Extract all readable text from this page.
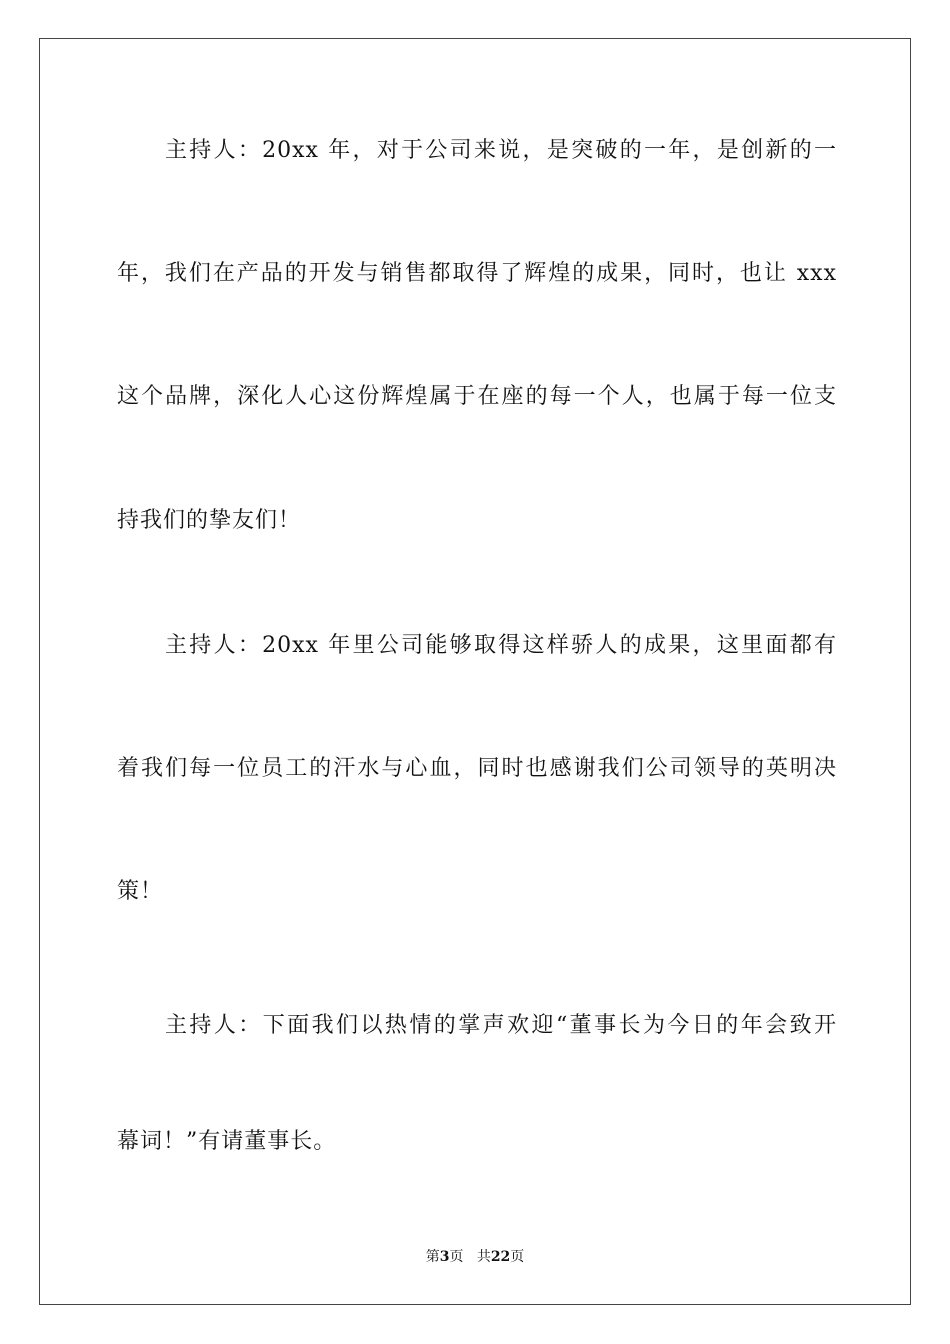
主持人：20xx 年，对于公司来说，是突破的一年，是创新的一
年，我们在产品的开发与销售都取得了辉煌的成果，同时，也让 xxx
这个品牌，深化人心这份辉煌属于在座的每一个人，也属于每一位支
持我们的挚友们！
主持人：20xx 年里公司能够取得这样骄人的成果，这里面都有
着我们每一位员工的汗水与心血，同时也感谢我们公司领导的英明决
策！
主持人：下面我们以热情的掌声欢迎“董事长为今日的年会致开
幕词！”有请董事长。
第3页 共22页
